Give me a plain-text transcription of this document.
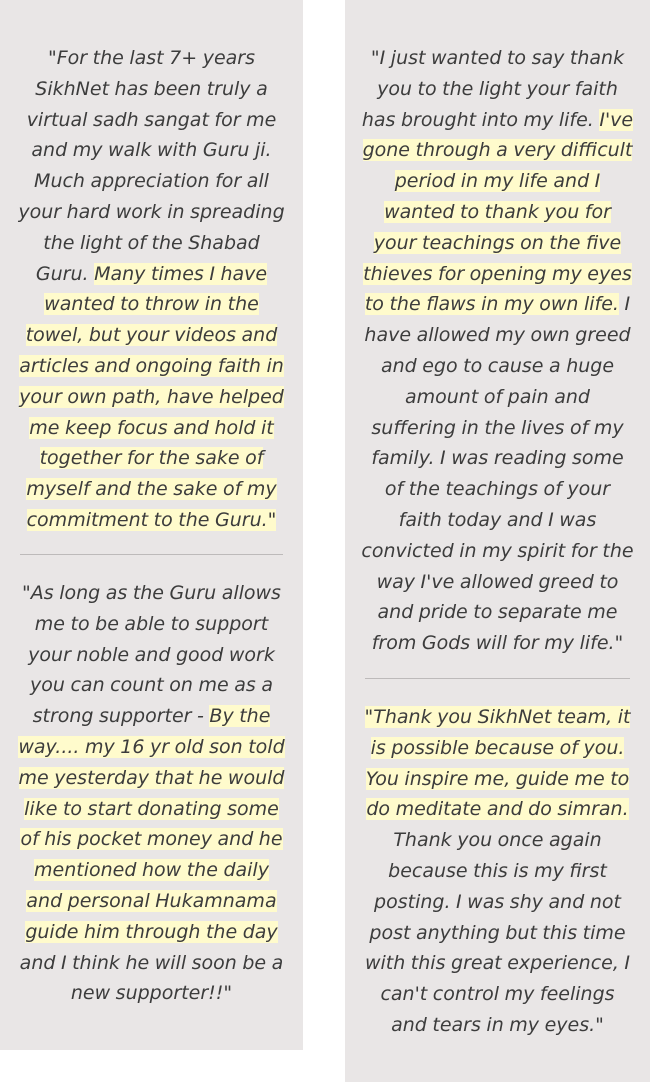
"For the last 7+ years SikhNet has been truly a virtual sadh sangat for me and my walk with Guru ji. Much appreciation for all your hard work in spreading the light of the Shabad Guru. Many times I have wanted to throw in the towel, but your videos and articles and ongoing faith in your own path, have helped me keep focus and hold it together for the sake of myself and the sake of my commitment to the Guru."

"As long as the Guru allows me to be able to support your noble and good work you can count on me as a strong supporter - By the way.... my 16 yr old son told me yesterday that he would like to start donating some of his pocket money and he mentioned how the daily and personal Hukamnama guide him through the day and I think he will soon be a new supporter!!"

"I just wanted to say thank you to the light your faith has brought into my life. I've gone through a very difficult period in my life and I wanted to thank you for your teachings on the five thieves for opening my eyes to the flaws in my own life. I have allowed my own greed and ego to cause a huge amount of pain and suffering in the lives of my family. I was reading some of the teachings of your faith today and I was convicted in my spirit for the way I've allowed greed to and pride to separate me from Gods will for my life."

"Thank you SikhNet team, it is possible because of you. You inspire me, guide me to do meditate and do simran. Thank you once again because this is my first posting. I was shy and not post anything but this time with this great experience, I can't control my feelings and tears in my eyes."
